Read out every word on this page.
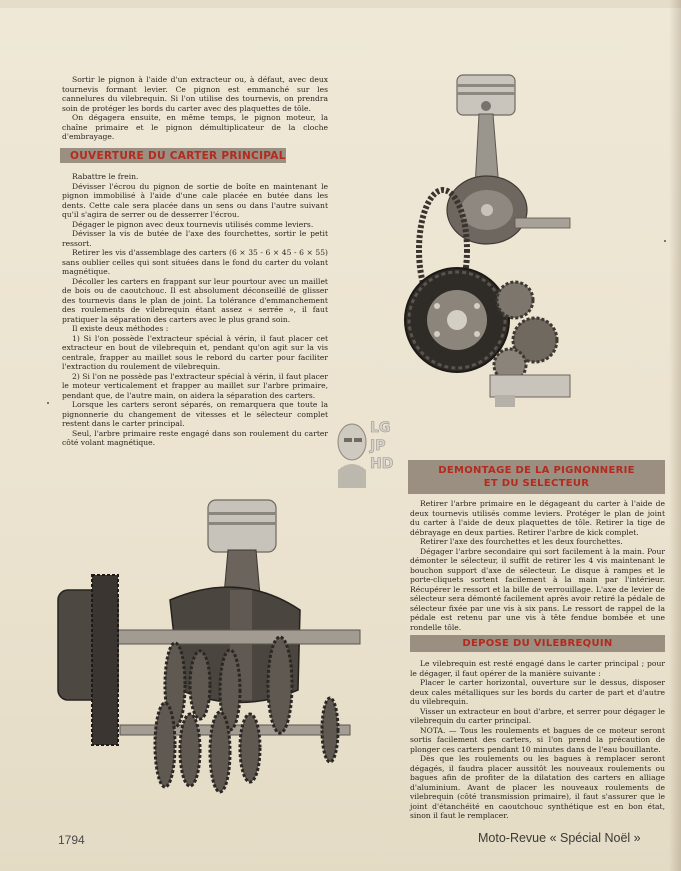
Sortir le pignon à l'aide d'un extracteur ou, à défaut, avec deux tournevis formant levier. Ce pignon est emmanché sur les cannelures du vilebrequin. Si l'on utilise des tournevis, on prendra soin de protéger les bords du carter avec des plaquettes de tôle.

On dégagera ensuite, en même temps, le pignon moteur, la chaîne primaire et le pignon démultiplicateur de la cloche d'embrayage.

OUVERTURE DU CARTER PRINCIPAL

Rabattre le frein.

Dévisser l'écrou du pignon de sortie de boîte en maintenant le pignon immobilisé à l'aide d'une cale placée en butée dans les dents. Cette cale sera placée dans un sens ou dans l'autre suivant qu'il s'agira de serrer ou de desserrer l'écrou.

Dégager le pignon avec deux tournevis utilisés comme leviers.

Dévisser la vis de butée de l'axe des fourchettes, sortir le petit ressort.

Retirer les vis d'assemblage des carters (6 × 35 - 6 × 45 - 6 × 55) sans oublier celles qui sont situées dans le fond du carter du volant magnétique.

Décoller les carters en frappant sur leur pourtour avec un maillet de bois ou de caoutchouc. Il est absolument déconseillé de glisser des tournevis dans le plan de joint. La tolérance d'emmanchement des roulements de vilebrequin étant assez « serrée », il faut pratiquer la séparation des carters avec le plus grand soin.

Il existe deux méthodes :

1) Si l'on possède l'extracteur spécial à vérin, il faut placer cet extracteur en bout de vilebrequin et, pendant qu'on agit sur la vis centrale, frapper au maillet sous le rebord du carter pour faciliter l'extraction du roulement de vilebrequin.

2) Si l'on ne possède pas l'extracteur spécial à vérin, il faut placer le moteur verticalement et frapper au maillet sur l'arbre primaire, pendant que, de l'autre main, on aidera la séparation des carters.

Lorsque les carters seront séparés, on remarquera que toute la pignonnerie du changement de vitesses et le sélecteur complet restent dans le carter principal.

Seul, l'arbre primaire reste engagé dans son roulement du carter côté volant magnétique.

LG
JP
HD	DEMONTAGE DE LA PIGNONNERIE
ET DU SELECTEUR

Retirer l'arbre primaire en le dégageant du carter à l'aide de deux tournevis utilisés comme leviers. Protéger le plan de joint du carter à l'aide de deux plaquettes de tôle. Retirer la tige de débrayage en deux parties. Retirer l'arbre de kick complet.

Retirer l'axe des fourchettes et les deux fourchettes.

Dégager l'arbre secondaire qui sort facilement à la main. Pour démonter le sélecteur, il suffit de retirer les 4 vis maintenant le bouchon support d'axe de sélecteur. Le disque à rampes et le porte-cliquets sortent facilement à la main par l'intérieur. Récupérer le ressort et la bille de verrouillage. L'axe de levier de sélecteur sera démonté facilement après avoir retiré la pédale de sélecteur fixée par une vis à six pans. Le ressort de rappel de la pédale est retenu par une vis à tête fendue bombée et une rondelle tôle.

DEPOSE DU VILEBREQUIN

Le vilebrequin est resté engagé dans le carter principal ; pour le dégager, il faut opérer de la manière suivante :

Placer le carter horizontal, ouverture sur le dessus, disposer deux cales métalliques sur les bords du carter de part et d'autre du vilebrequin.

Visser un extracteur en bout d'arbre, et serrer pour dégager le vilebrequin du carter principal.

NOTA. — Tous les roulements et bagues de ce moteur seront sortis facilement des carters, si l'on prend la précaution de plonger ces carters pendant 10 minutes dans de l'eau bouillante.

Dès que les roulements ou les bagues à remplacer seront dégagés, il faudra placer aussitôt les nouveaux roulements ou bagues afin de profiter de la dilatation des carters en alliage d'aluminium. Avant de placer les nouveaux roulements de vilebrequin (côté transmission primaire), il faut s'assurer que le joint d'étanchéité en caoutchouc synthétique est en bon état, sinon il faut le remplacer.

1794	Moto-Revue « Spécial Noël »
